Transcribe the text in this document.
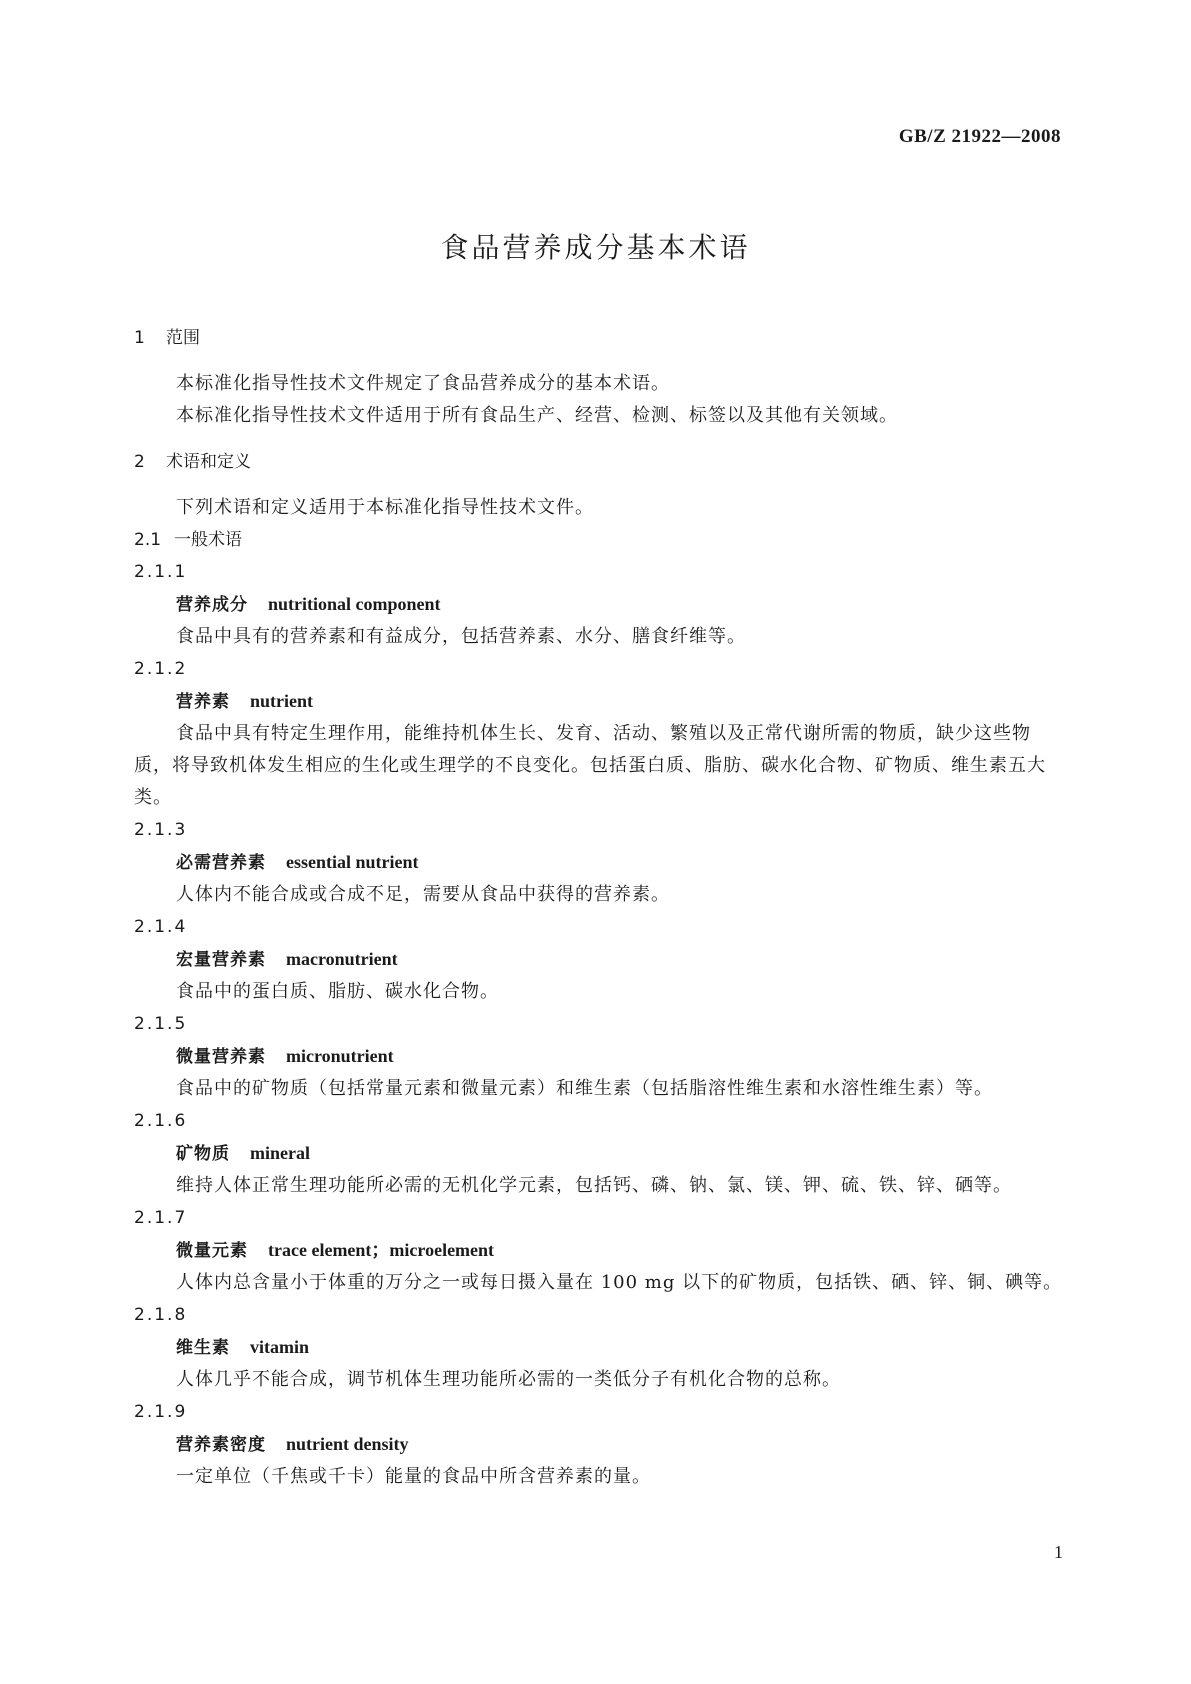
GB/Z 21922—2008
食品营养成分基本术语
1 范围
本标准化指导性技术文件规定了食品营养成分的基本术语。
本标准化指导性技术文件适用于所有食品生产、经营、检测、标签以及其他有关领域。
2 术语和定义
下列术语和定义适用于本标准化指导性技术文件。
2.1 一般术语
2.1.1
营养成分 nutritional component
食品中具有的营养素和有益成分，包括营养素、水分、膳食纤维等。
2.1.2
营养素 nutrient
食品中具有特定生理作用，能维持机体生长、发育、活动、繁殖以及正常代谢所需的物质，缺少这些物质，将导致机体发生相应的生化或生理学的不良变化。包括蛋白质、脂肪、碳水化合物、矿物质、维生素五大类。
2.1.3
必需营养素 essential nutrient
人体内不能合成或合成不足，需要从食品中获得的营养素。
2.1.4
宏量营养素 macronutrient
食品中的蛋白质、脂肪、碳水化合物。
2.1.5
微量营养素 micronutrient
食品中的矿物质（包括常量元素和微量元素）和维生素（包括脂溶性维生素和水溶性维生素）等。
2.1.6
矿物质 mineral
维持人体正常生理功能所必需的无机化学元素，包括钙、磷、钠、氯、镁、钾、硫、铁、锌、硒等。
2.1.7
微量元素 trace element；microelement
人体内总含量小于体重的万分之一或每日摄入量在 100 mg 以下的矿物质，包括铁、硒、锌、铜、碘等。
2.1.8
维生素 vitamin
人体几乎不能合成，调节机体生理功能所必需的一类低分子有机化合物的总称。
2.1.9
营养素密度 nutrient density
一定单位（千焦或千卡）能量的食品中所含营养素的量。
1
